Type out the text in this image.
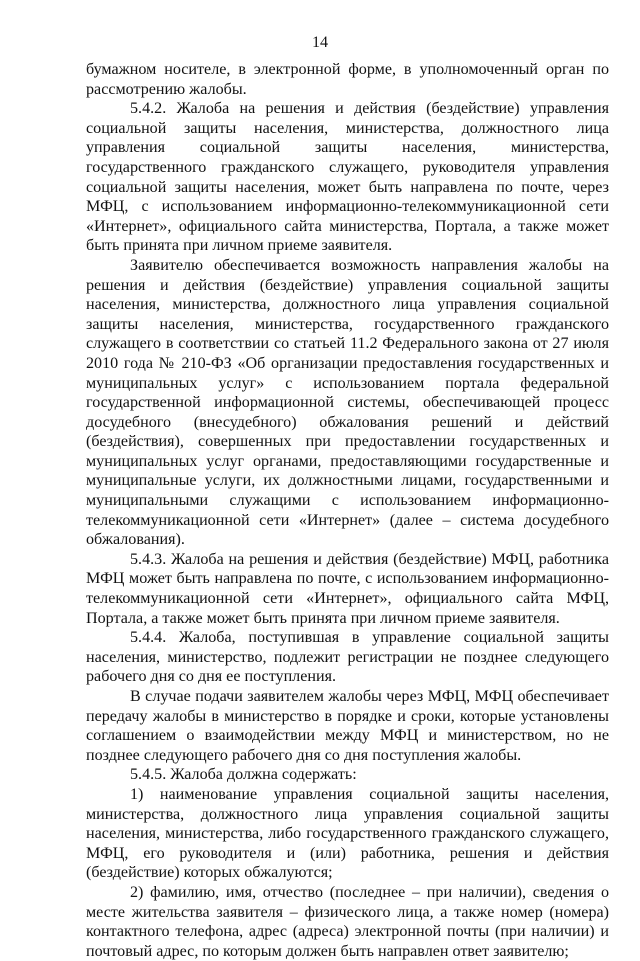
14

бумажном носителе, в электронной форме, в уполномоченный орган по рассмотрению жалобы.

5.4.2. Жалоба на решения и действия (бездействие) управления социальной защиты населения, министерства, должностного лица управления социальной защиты населения, министерства, государственного гражданского служащего, руководителя управления социальной защиты населения, может быть направлена по почте, через МФЦ, с использованием информационно-телекоммуникационной сети «Интернет», официального сайта министерства, Портала, а также может быть принята при личном приеме заявителя.

Заявителю обеспечивается возможность направления жалобы на решения и действия (бездействие) управления социальной защиты населения, министерства, должностного лица управления социальной защиты населения, министерства, государственного гражданского служащего в соответствии со статьей 11.2 Федерального закона от 27 июля 2010 года № 210-ФЗ «Об организации предоставления государственных и муниципальных услуг» с использованием портала федеральной государственной информационной системы, обеспечивающей процесс досудебного (внесудебного) обжалования решений и действий (бездействия), совершенных при предоставлении государственных и муниципальных услуг органами, предоставляющими государственные и муниципальные услуги, их должностными лицами, государственными и муниципальными служащими с использованием информационно-телекоммуникационной сети «Интернет» (далее – система досудебного обжалования).

5.4.3. Жалоба на решения и действия (бездействие) МФЦ, работника МФЦ может быть направлена по почте, с использованием информационно-телекоммуникационной сети «Интернет», официального сайта МФЦ, Портала, а также может быть принята при личном приеме заявителя.

5.4.4. Жалоба, поступившая в управление социальной защиты населения, министерство, подлежит регистрации не позднее следующего рабочего дня со дня ее поступления.

В случае подачи заявителем жалобы через МФЦ, МФЦ обеспечивает передачу жалобы в министерство в порядке и сроки, которые установлены соглашением о взаимодействии между МФЦ и министерством, но не позднее следующего рабочего дня со дня поступления жалобы.

5.4.5. Жалоба должна содержать:

1) наименование управления социальной защиты населения, министерства, должностного лица управления социальной защиты населения, министерства, либо государственного гражданского служащего, МФЦ, его руководителя и (или) работника, решения и действия (бездействие) которых обжалуются;

2) фамилию, имя, отчество (последнее – при наличии), сведения о месте жительства заявителя – физического лица, а также номер (номера) контактного телефона, адрес (адреса) электронной почты (при наличии) и почтовый адрес, по которым должен быть направлен ответ заявителю;
